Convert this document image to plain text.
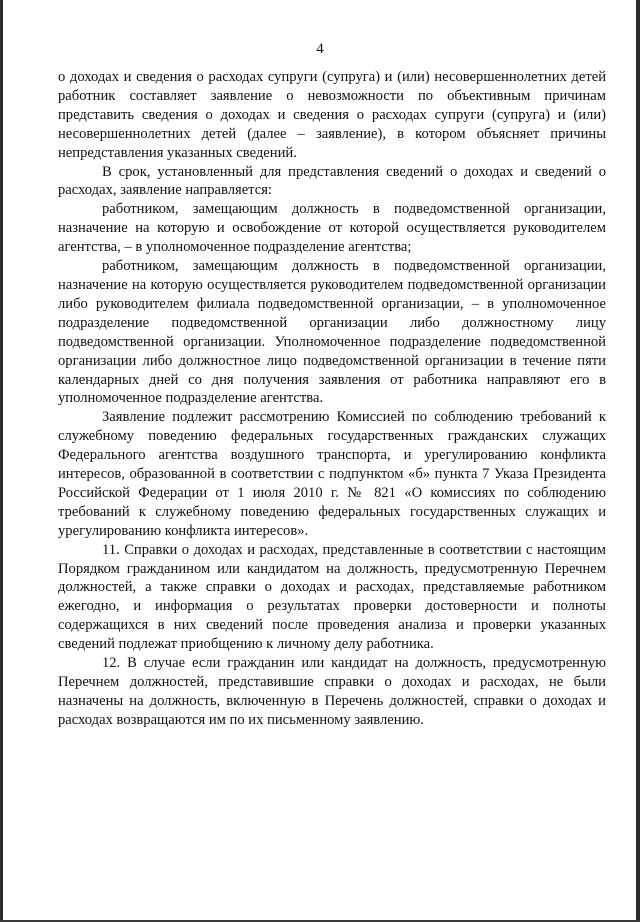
4

о доходах и сведения о расходах супруги (супруга) и (или) несовершеннолетних детей работник составляет заявление о невозможности по объективным причинам представить сведения о доходах и сведения о расходах супруги (супруга) и (или) несовершеннолетних детей (далее – заявление), в котором объясняет причины непредставления указанных сведений.

В срок, установленный для представления сведений о доходах и сведений о расходах, заявление направляется:

работником, замещающим должность в подведомственной организации, назначение на которую и освобождение от которой осуществляется руководителем агентства, – в уполномоченное подразделение агентства;

работником, замещающим должность в подведомственной организации, назначение на которую осуществляется руководителем подведомственной организации либо руководителем филиала подведомственной организации, – в уполномоченное подразделение подведомственной организации либо должностному лицу подведомственной организации. Уполномоченное подразделение подведомственной организации либо должностное лицо подведомственной организации в течение пяти календарных дней со дня получения заявления от работника направляют его в уполномоченное подразделение агентства.

Заявление подлежит рассмотрению Комиссией по соблюдению требований к служебному поведению федеральных государственных гражданских служащих Федерального агентства воздушного транспорта, и урегулированию конфликта интересов, образованной в соответствии с подпунктом «б» пункта 7 Указа Президента Российской Федерации от 1 июля 2010 г. № 821 «О комиссиях по соблюдению требований к служебному поведению федеральных государственных служащих и урегулированию конфликта интересов».

11. Справки о доходах и расходах, представленные в соответствии с настоящим Порядком гражданином или кандидатом на должность, предусмотренную Перечнем должностей, а также справки о доходах и расходах, представляемые работником ежегодно, и информация о результатах проверки достоверности и полноты содержащихся в них сведений после проведения анализа и проверки указанных сведений подлежат приобщению к личному делу работника.

12. В случае если гражданин или кандидат на должность, предусмотренную Перечнем должностей, представившие справки о доходах и расходах, не были назначены на должность, включенную в Перечень должностей, справки о доходах и расходах возвращаются им по их письменному заявлению.
